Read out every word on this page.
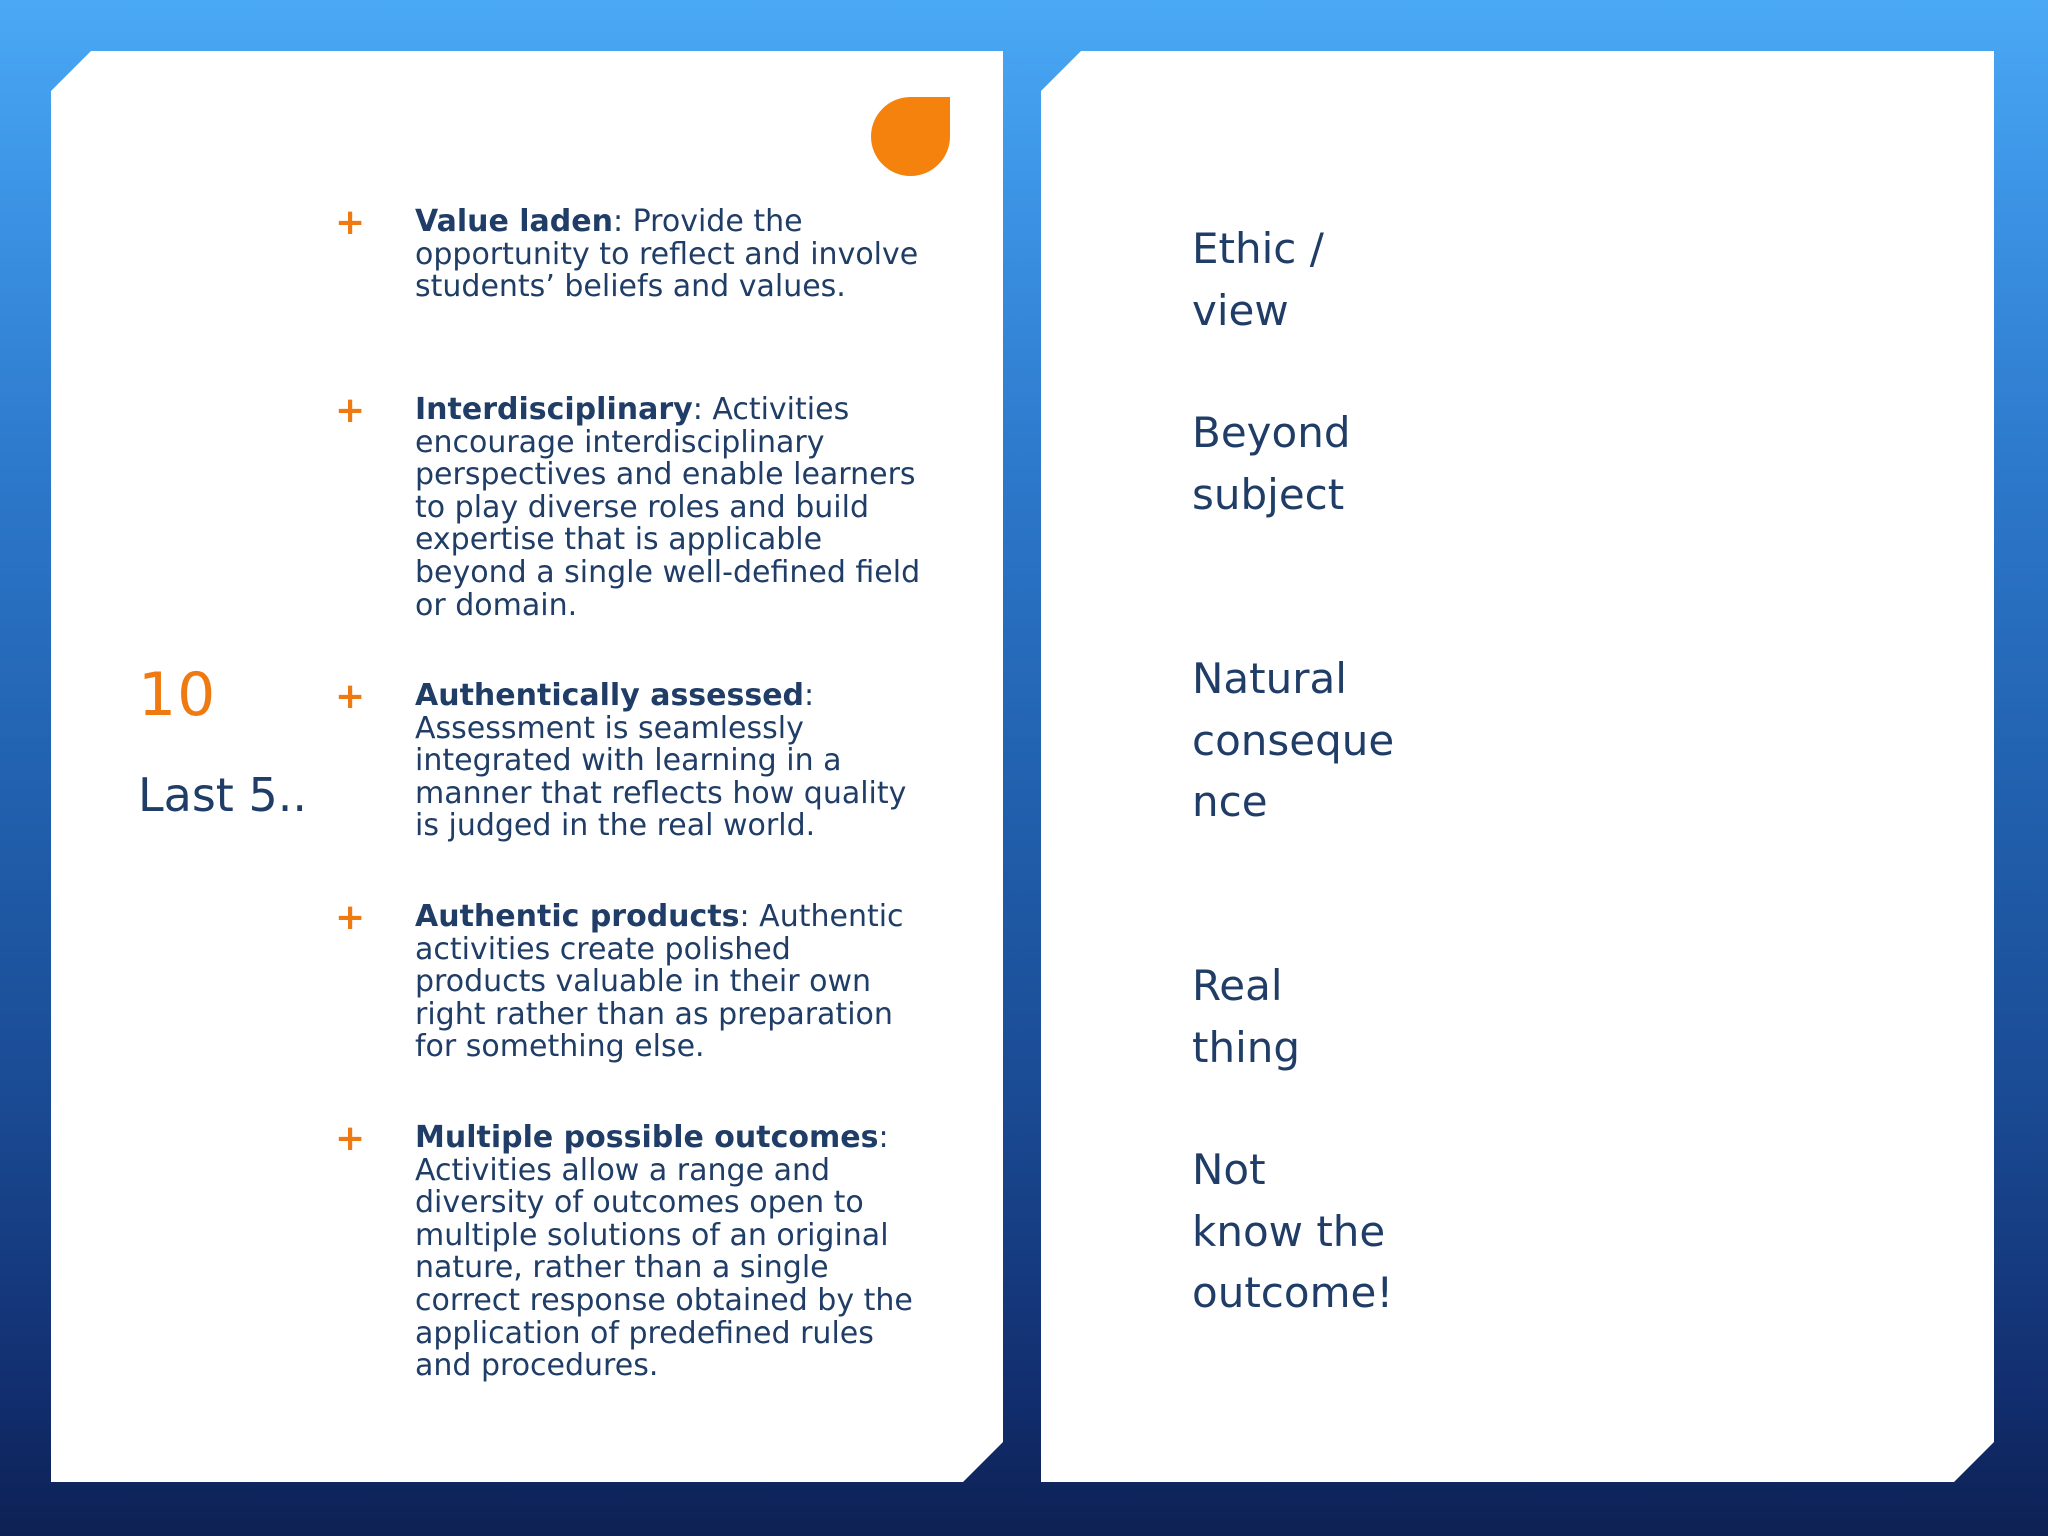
10
Last 5..
+ Value laden: Provide the opportunity to reflect and involve students’ beliefs and values.
+ Interdisciplinary: Activities encourage interdisciplinary perspectives and enable learners to play diverse roles and build expertise that is applicable beyond a single well-defined field or domain.
+ Authentically assessed: Assessment is seamlessly integrated with learning in a manner that reflects how quality is judged in the real world.
+ Authentic products: Authentic activities create polished products valuable in their own right rather than as preparation for something else.
+ Multiple possible outcomes: Activities allow a range and diversity of outcomes open to multiple solutions of an original nature, rather than a single correct response obtained by the application of predefined rules and procedures.
Ethic /
view
Beyond
subject
Natural
conseque
nce
Real
thing
Not
know the
outcome!
